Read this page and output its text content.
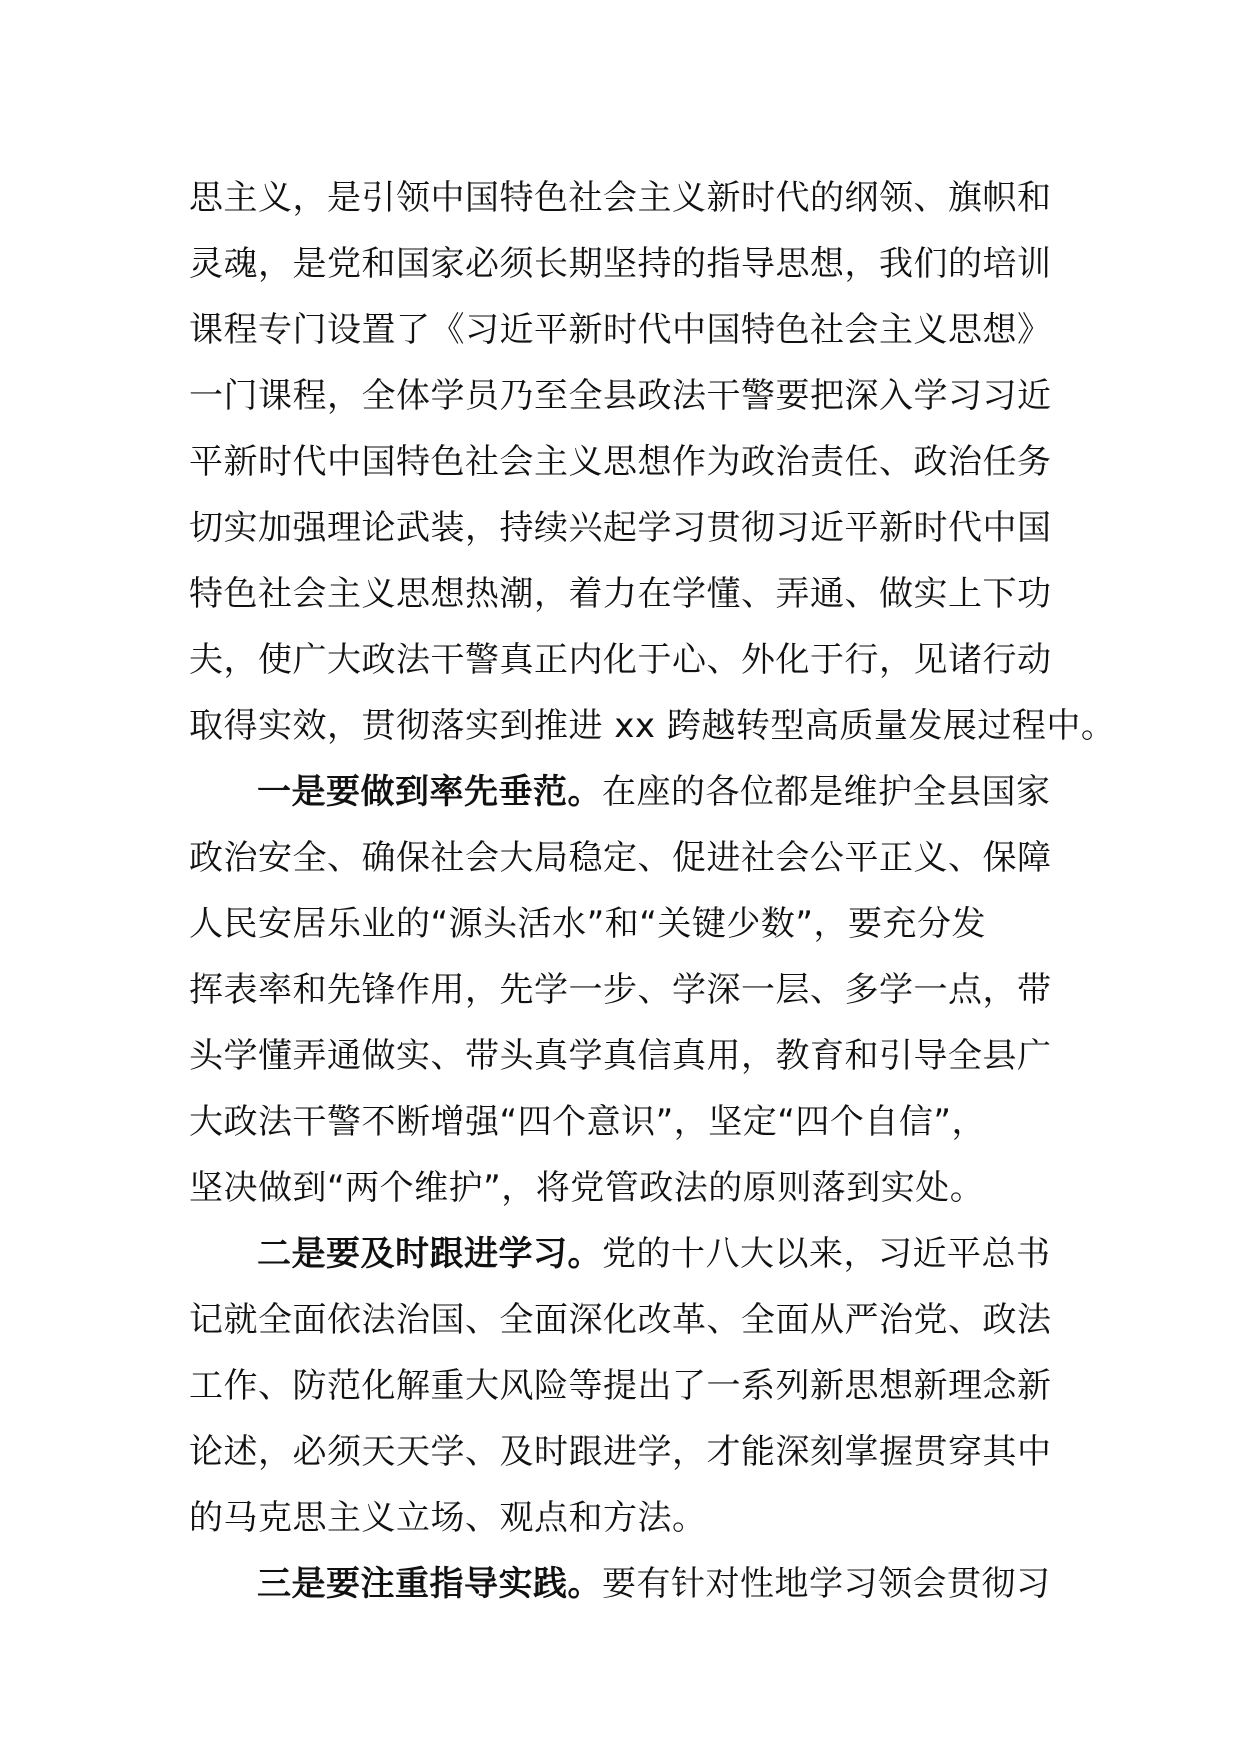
思主义，是引领中国特色社会主义新时代的纲领、旗帜和
灵魂，是党和国家必须长期坚持的指导思想，我们的培训
课程专门设置了《习近平新时代中国特色社会主义思想》
一门课程，全体学员乃至全县政法干警要把深入学习习近
平新时代中国特色社会主义思想作为政治责任、政治任务
切实加强理论武装，持续兴起学习贯彻习近平新时代中国
特色社会主义思想热潮，着力在学懂、弄通、做实上下功
夫，使广大政法干警真正内化于心、外化于行，见诸行动
取得实效，贯彻落实到推进 xx 跨越转型高质量发展过程中。
一是要做到率先垂范。在座的各位都是维护全县国家
政治安全、确保社会大局稳定、促进社会公平正义、保障
人民安居乐业的“源头活水”和“关键少数”，要充分发
挥表率和先锋作用，先学一步、学深一层、多学一点，带
头学懂弄通做实、带头真学真信真用，教育和引导全县广
大政法干警不断增强“四个意识”，坚定“四个自信”，
坚决做到“两个维护”，将党管政法的原则落到实处。
二是要及时跟进学习。党的十八大以来，习近平总书
记就全面依法治国、全面深化改革、全面从严治党、政法
工作、防范化解重大风险等提出了一系列新思想新理念新
论述，必须天天学、及时跟进学，才能深刻掌握贯穿其中
的马克思主义立场、观点和方法。
三是要注重指导实践。要有针对性地学习领会贯彻习
